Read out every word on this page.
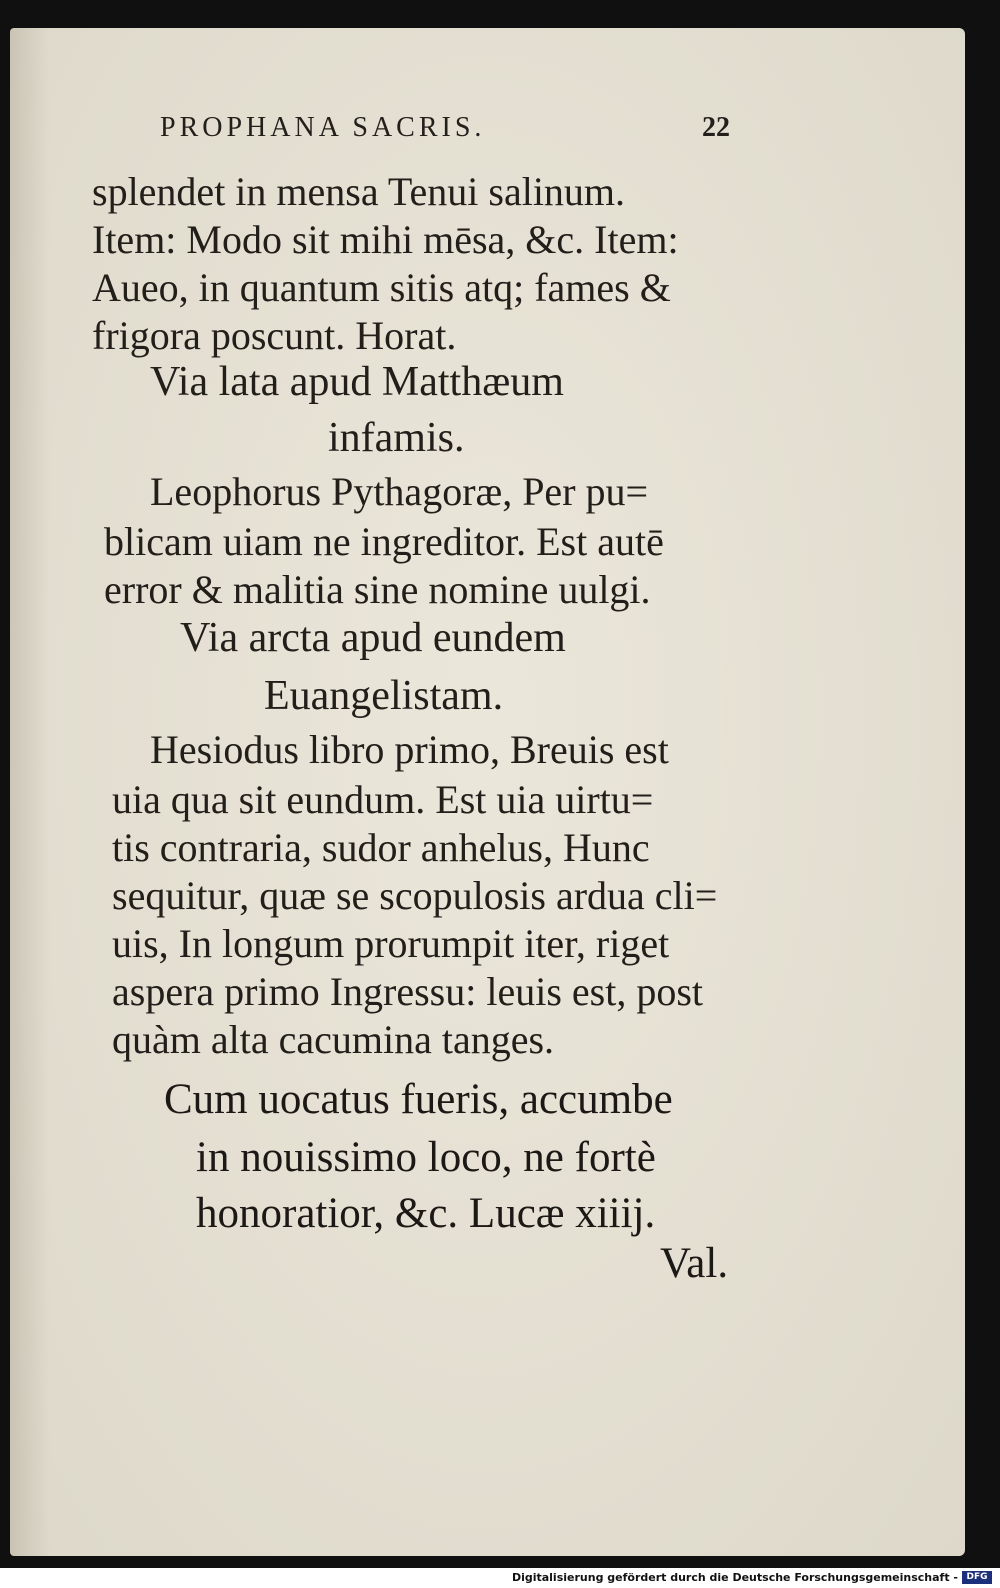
PROPHANA SACRIS.	22
splendet in mensa Tenui salinum.
Item: Modo sit mihi mēsa, &c. Item:
Aueo, in quantum sitis atq; fames &
frigora poscunt. Horat.
Via lata apud Matthæum
infamis.
Leophorus Pythagoræ, Per pu=
blicam uiam ne ingreditor. Est autē
error & malitia sine nomine uulgi.
Via arcta apud eundem
Euangelistam.
Hesiodus libro primo, Breuis est
uia qua sit eundum. Est uia uirtu=
tis contraria, sudor anhelus, Hunc
sequitur, quæ se scopulosis ardua cli=
uis, In longum prorumpit iter, riget
aspera primo Ingressu: leuis est, post
quàm alta cacumina tanges.
Cum uocatus fueris, accumbe
in nouissimo loco, ne fortè
honoratior, &c. Lucæ xiiij.
Val.
Digitalisierung gefördert durch die Deutsche Forschungsgemeinschaft - DFG
